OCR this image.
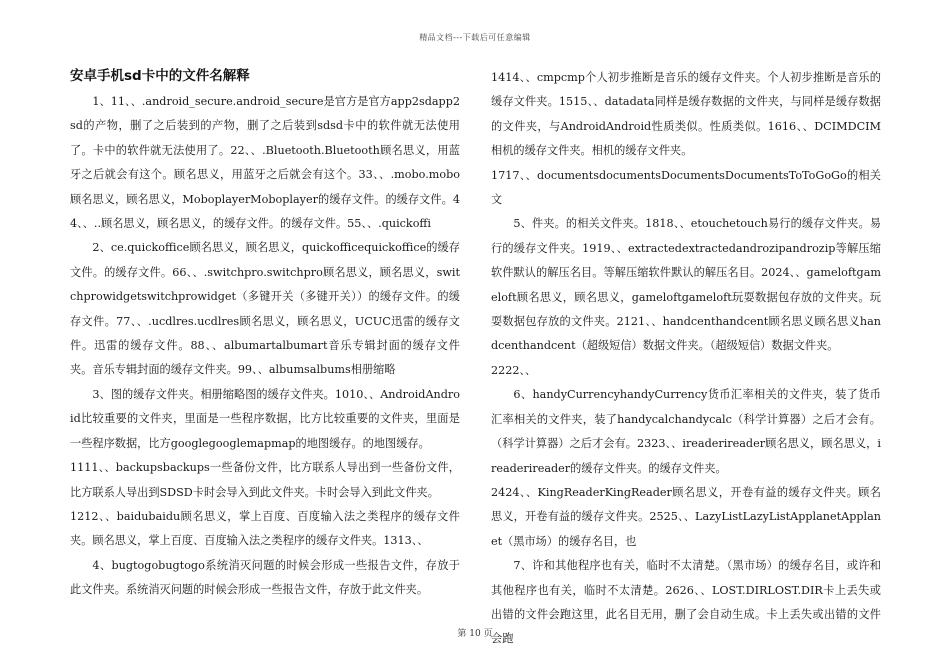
精品文档---下载后可任意编辑
安卓手机sd卡中的文件名解释

1、11、、.android_secure.android_secure是官方是官方app2sdapp2sd的产物，删了之后装到的产物，删了之后装到sdsd卡中的软件就无法使用了。卡中的软件就无法使用了。22、、.Bluetooth.Bluetooth顾名思义，用蓝牙之后就会有这个。顾名思义，用蓝牙之后就会有这个。33、、.mobo.mobo顾名思义，顾名思义，MoboplayerMoboplayer的缓存文件。的缓存文件。44、、..顾名思义，顾名思义，的缓存文件。的缓存文件。55、、.quickoffi

2、ce.quickoffice顾名思义，顾名思义，quickofficequickoffice的缓存文件。的缓存文件。66、、.switchpro.switchpro顾名思义，顾名思义，switchprowidgetswitchprowidget（多键开关（多键开关））的缓存文件。的缓存文件。77、、.ucdlres.ucdlres顾名思义，顾名思义，UCUC迅雷的缓存文件。迅雷的缓存文件。88、、albumartalbumart音乐专辑封面的缓存文件夹。音乐专辑封面的缓存文件夹。99、、albumsalbums相册缩略

3、图的缓存文件夹。相册缩略图的缓存文件夹。1010、、AndroidAndroid比较重要的文件夹，里面是一些程序数据，比方比较重要的文件夹，里面是一些程序数据，比方googlegooglemapmap的地图缓存。的地图缓存。

1111、、backupsbackups一些备份文件，比方联系人导出到一些备份文件，比方联系人导出到SDSD卡时会导入到此文件夹。卡时会导入到此文件夹。

1212、、baidubaidu顾名思义，掌上百度、百度输入法之类程序的缓存文件夹。顾名思义，掌上百度、百度输入法之类程序的缓存文件夹。1313、、

4、bugtogobugtogo系统消灭问题的时候会形成一些报告文件，存放于此文件夹。系统消灭问题的时候会形成一些报告文件，存放于此文件夹。

1414、、cmpcmp个人初步推断是音乐的缓存文件夹。个人初步推断是音乐的缓存文件夹。1515、、datadata同样是缓存数据的文件夹，与同样是缓存数据的文件夹，与AndroidAndroid性质类似。性质类似。1616、、DCIMDCIM相机的缓存文件夹。相机的缓存文件夹。

1717、、documentsdocumentsDocumentsDocumentsToToGoGo的相关文

5、件夹。的相关文件夹。1818、、etouchetouch易行的缓存文件夹。易行的缓存文件夹。1919、、extractedextractedandrozipandrozip等解压缩软件默认的解压名目。等解压缩软件默认的解压名目。2024、、gameloftgameloft顾名思义，顾名思义，gameloftgameloft玩耍数据包存放的文件夹。玩耍数据包存放的文件夹。2121、、handcenthandcent顾名思义顾名思义handcenthandcent（超级短信）数据文件夹。（超级短信）数据文件夹。

2222、、

6、handyCurrencyhandyCurrency货币汇率相关的文件夹，装了货币汇率相关的文件夹，装了handycalchandycalc（科学计算器）之后才会有。（科学计算器）之后才会有。2323、、ireaderireader顾名思义，顾名思义，ireaderireader的缓存文件夹。的缓存文件夹。

2424、、KingReaderKingReader顾名思义，开卷有益的缓存文件夹。顾名思义，开卷有益的缓存文件夹。2525、、LazyListLazyListApplanetApplanet（黑市场）的缓存名目，也

7、许和其他程序也有关，临时不太清楚。（黑市场）的缓存名目，或许和其他程序也有关，临时不太清楚。2626、、LOST.DIRLOST.DIR卡上丢失或出错的文件会跑这里，此名目无用，删了会自动生成。卡上丢失或出错的文件会跑

第 10 页
